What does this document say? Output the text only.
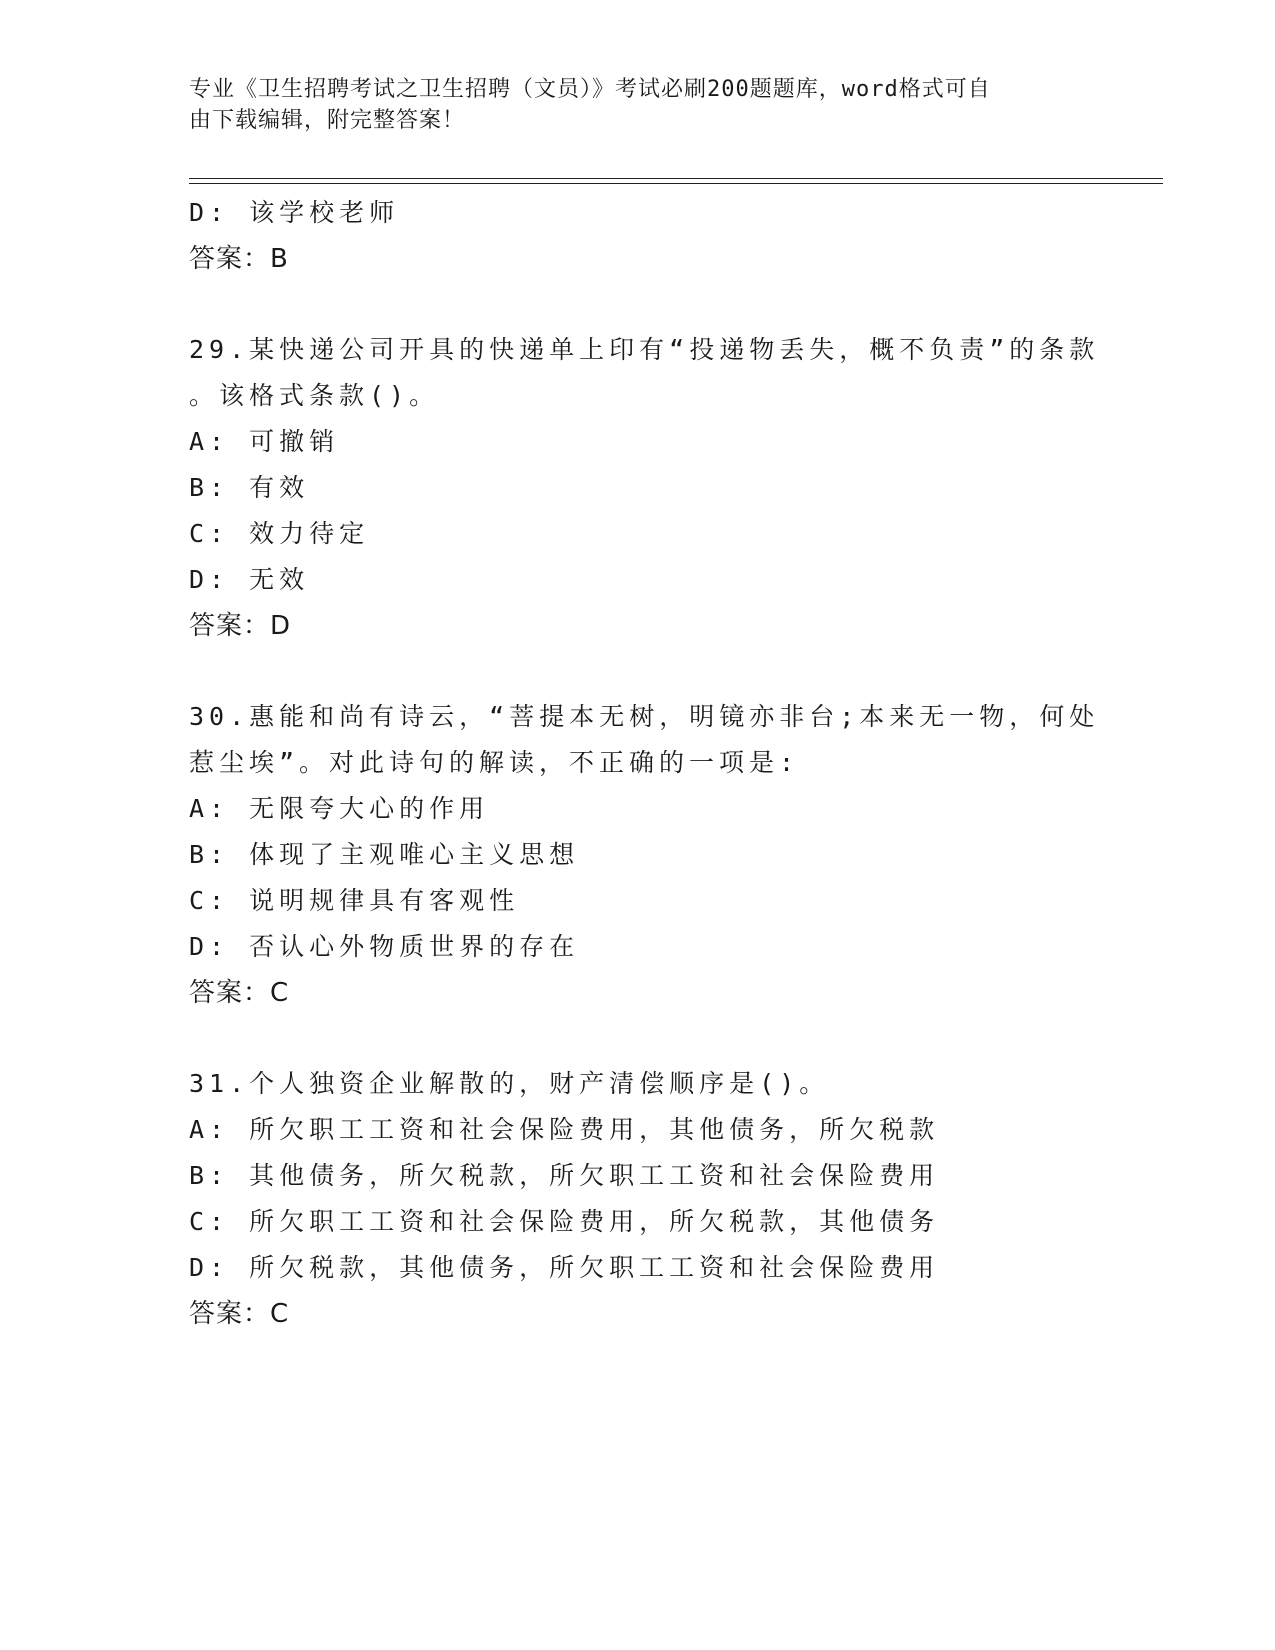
专业《卫生招聘考试之卫生招聘（文员）》考试必刷200题题库，word格式可自
由下载编辑，附完整答案！
D: 该学校老师
答案：B
29.某快递公司开具的快递单上印有“投递物丢失，概不负责”的条款
。该格式条款()。
A: 可撤销
B: 有效
C: 效力待定
D: 无效
答案：D
30.惠能和尚有诗云，“菩提本无树，明镜亦非台;本来无一物，何处
惹尘埃”。对此诗句的解读，不正确的一项是:
A: 无限夸大心的作用
B: 体现了主观唯心主义思想
C: 说明规律具有客观性
D: 否认心外物质世界的存在
答案：C
31.个人独资企业解散的，财产清偿顺序是()。
A: 所欠职工工资和社会保险费用，其他债务，所欠税款
B: 其他债务，所欠税款，所欠职工工资和社会保险费用
C: 所欠职工工资和社会保险费用，所欠税款，其他债务
D: 所欠税款，其他债务，所欠职工工资和社会保险费用
答案：C
